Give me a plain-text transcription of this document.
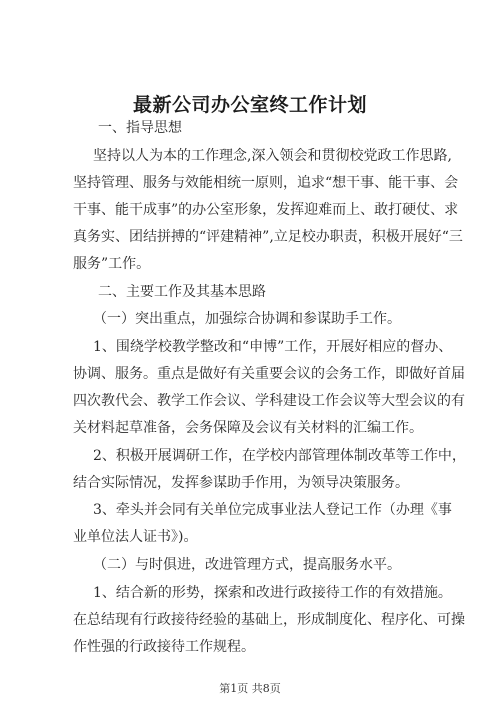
最新公司办公室终工作计划
一、指导思想
坚持以人为本的工作理念,深入领会和贯彻校党政工作思路,
坚持管理、服务与效能相统一原则，追求“想干事、能干事、会
干事、能干成事”的办公室形象，发挥迎难而上、敢打硬仗、求
真务实、团结拼搏的“评建精神”,立足校办职责，积极开展好“三
服务”工作。
二、主要工作及其基本思路
（一）突出重点，加强综合协调和参谋助手工作。
1、围绕学校教学整改和“申博”工作，开展好相应的督办、
协调、服务。重点是做好有关重要会议的会务工作，即做好首届
四次教代会、教学工作会议、学科建设工作会议等大型会议的有
关材料起草准备，会务保障及会议有关材料的汇编工作。
2、积极开展调研工作，在学校内部管理体制改革等工作中，
结合实际情况，发挥参谋助手作用，为领导决策服务。
3、牵头并会同有关单位完成事业法人登记工作（办理《事
业单位法人证书》)。
（二）与时俱进，改进管理方式，提高服务水平。
1、结合新的形势，探索和改进行政接待工作的有效措施。
在总结现有行政接待经验的基础上，形成制度化、程序化、可操
作性强的行政接待工作规程。
第1页 共8页
